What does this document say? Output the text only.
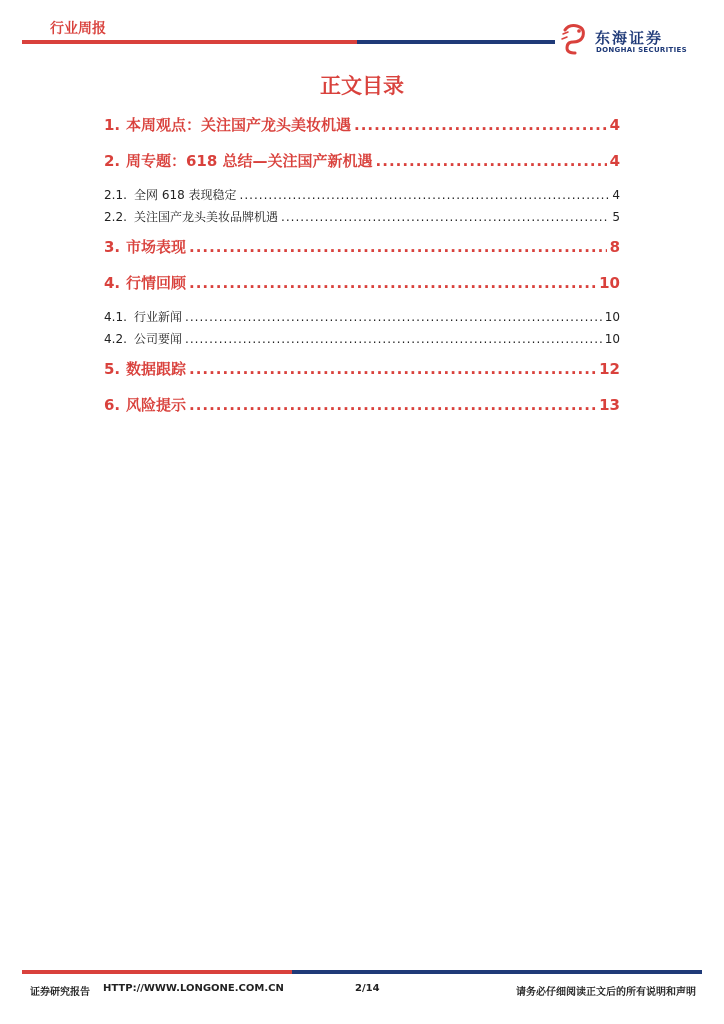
行业周报	东海证券
DONGHAI SECURITIES
正文目录
1. 本周观点：关注国产龙头美妆机遇 .....	4
2. 周专题：618 总结—关注国产新机遇 .....	4
2.1. 全网 618 表现稳定 .....	4
2.2. 关注国产龙头美妆品牌机遇 .....	5
3. 市场表现 .....	8
4. 行情回顾 .....	10
4.1. 行业新闻 .....	10
4.2. 公司要闻 .....	10
5. 数据跟踪 .....	12
6. 风险提示 .....	13
证券研究报告 HTTP://WWW.LONGONE.COM.CN	2/14	请务必仔细阅读正文后的所有说明和声明
